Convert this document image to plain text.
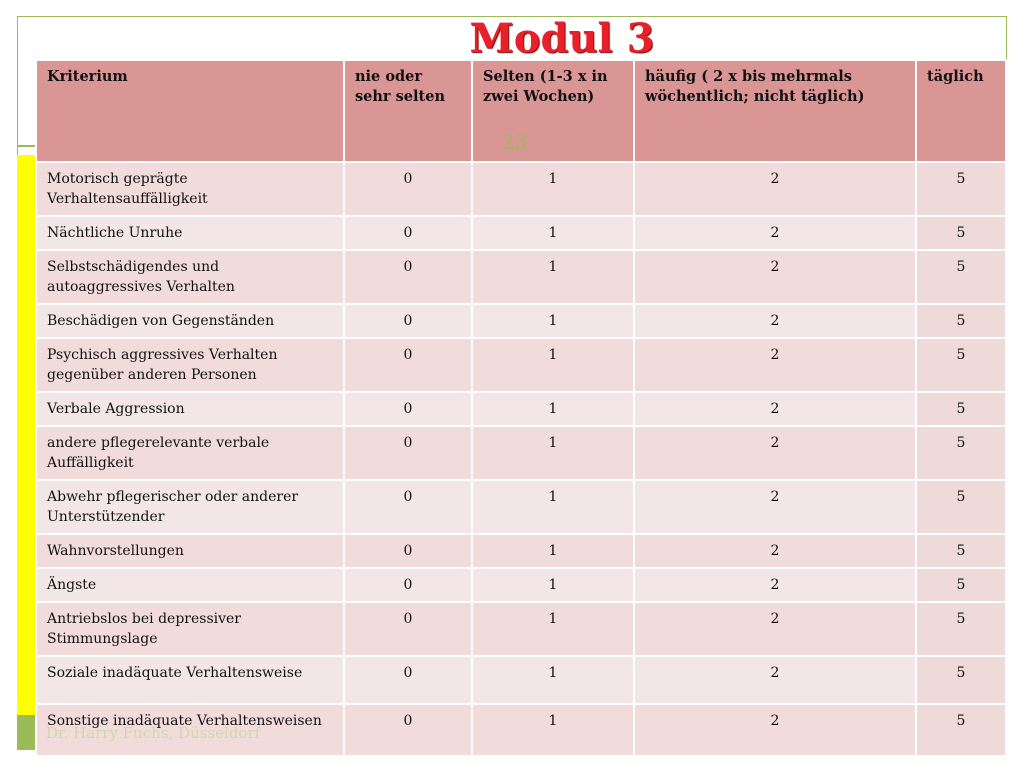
Kriterium	nie oder sehr selten	Selten (1-3 x in zwei Wochen)	häufig ( 2 x bis mehrmals wöchentlich; nicht täglich)	täglich
Motorisch geprägte Verhaltensauffälligkeit	0	1	2	5
Nächtliche Unruhe	0	1	2	5
Selbstschädigendes und autoaggressives Verhalten	0	1	2	5
Beschädigen von Gegenständen	0	1	2	5
Psychisch aggressives Verhalten gegenüber anderen Personen	0	1	2	5
Verbale Aggression	0	1	2	5
andere pflegerelevante verbale Auffälligkeit	0	1	2	5
Abwehr pflegerischer oder anderer Unterstützender	0	1	2	5
Wahnvorstellungen	0	1	2	5
Ängste	0	1	2	5
Antriebslos bei depressiver Stimmungslage	0	1	2	5
Soziale inadäquate Verhaltensweise	0	1	2	5
Sonstige inadäquate Verhaltensweisen	0	1	2	5
Modul 3
23
Dr. Harry Fuchs, Düsseldorf
